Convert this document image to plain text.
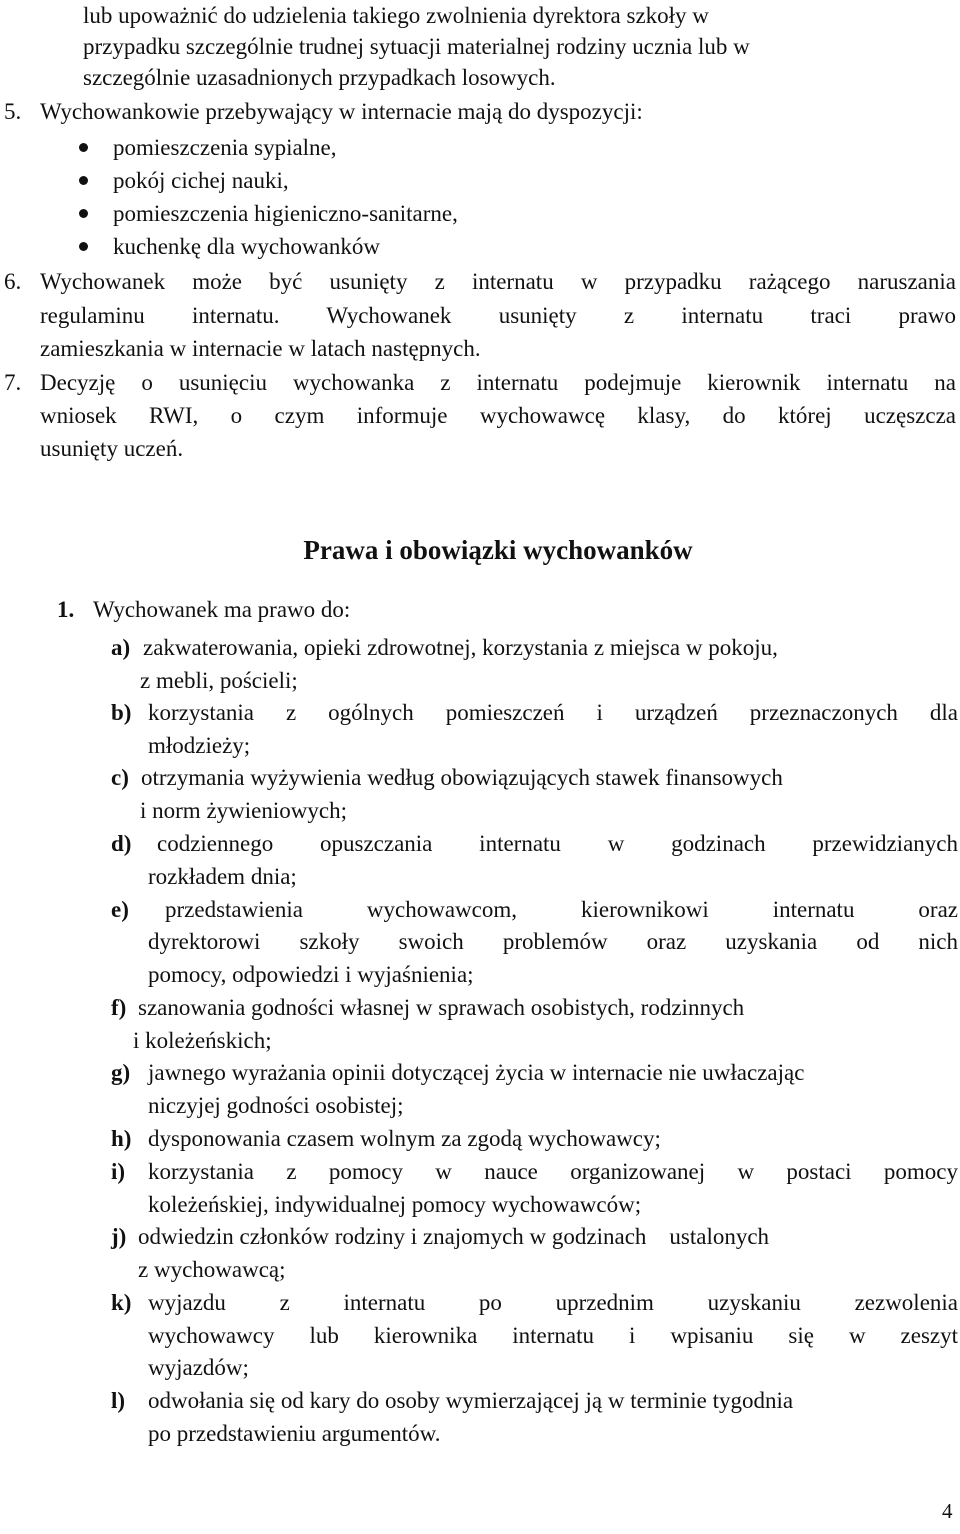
lub upoważnić do udzielenia takiego zwolnienia dyrektora szkoły w
przypadku szczególnie trudnej sytuacji materialnej rodziny ucznia lub w
szczególnie uzasadnionych przypadkach losowych.
5. Wychowankowie przebywający w internacie mają do dyspozycji:
pomieszczenia sypialne,
pokój cichej nauki,
pomieszczenia higieniczno-sanitarne,
kuchenkę dla wychowanków
6. Wychowanek może być usunięty z internatu w przypadku rażącego naruszania
regulaminu internatu. Wychowanek usunięty z internatu traci prawo
zamieszkania w internacie w latach następnych.
7. Decyzję o usunięciu wychowanka z internatu podejmuje kierownik internatu na
wniosek RWI, o czym informuje wychowawcę klasy, do której uczęszcza
usunięty uczeń.
Prawa i obowiązki wychowanków
1. Wychowanek ma prawo do:
a) zakwaterowania, opieki zdrowotnej, korzystania z miejsca w pokoju,
z mebli, pościeli;
b) korzystania z ogólnych pomieszczeń i urządzeń przeznaczonych dla
młodzieży;
c) otrzymania wyżywienia według obowiązujących stawek finansowych
i norm żywieniowych;
d) codziennego opuszczania internatu w godzinach przewidzianych
rozkładem dnia;
e) przedstawienia wychowawcom, kierownikowi internatu oraz
dyrektorowi szkoły swoich problemów oraz uzyskania od nich
pomocy, odpowiedzi i wyjaśnienia;
f) szanowania godności własnej w sprawach osobistych, rodzinnych
i koleżeńskich;
g) jawnego wyrażania opinii dotyczącej życia w internacie nie uwłaczając
niczyjej godności osobistej;
h) dysponowania czasem wolnym za zgodą wychowawcy;
i) korzystania z pomocy w nauce organizowanej w postaci pomocy
koleżeńskiej, indywidualnej pomocy wychowawców;
j) odwiedzin członków rodziny i znajomych w godzinach    ustalonych
z wychowawcą;
k) wyjazdu z internatu po uprzednim uzyskaniu zezwolenia
wychowawcy lub kierownika internatu i wpisaniu się w zeszyt
wyjazdów;
l) odwołania się od kary do osoby wymierzającej ją w terminie tygodnia
po przedstawieniu argumentów.
4
